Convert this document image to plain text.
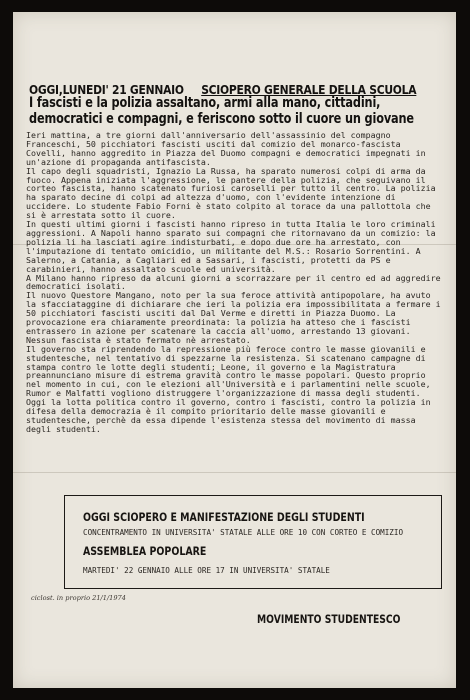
OGGI,LUNEDI' 21 GENNAIO SCIOPERO GENERALE DELLA SCUOLA
I fascisti e la polizia assaltano, armi alla mano, cittadini,
democratici e compagni, e feriscono sotto il cuore un giovane
Ieri mattina, a tre giorni dall'anniversario dell'assassinio del compagno Franceschi, 50 picchiatori fascisti usciti dal comizio del monarco-fascista Covelli, hanno aggredito in Piazza del Duomo compagni e democratici impegnati in un'azione di propaganda antifascista.
Il capo degli squadristi, Ignazio La Russa, ha sparato numerosi colpi di arma da fuoco. Appena iniziata l'aggressione, le pantere della polizia, che seguivano il corteo fascista, hanno scatenato furiosi caroselli per tutto il centro. La polizia ha sparato decine di colpi ad altezza d'uomo, con l'evidente intenzione di uccidere. Lo studente Fabio Forni è stato colpito al torace da una pallottola che si è arrestata sotto il cuore.
In questi ultimi giorni i fascisti hanno ripreso in tutta Italia le loro criminali aggressioni. A Napoli hanno sparato sui compagni che ritornavano da un comizio: la polizia li ha lasciati agire indisturbati, e dopo due ore ha arrestato, con l'imputazione di tentato omicidio, un militante del M.S.: Rosario Sorrentini. A Salerno, a Catania, a Cagliari ed a Sassari, i fascisti, protetti da PS e carabinieri, hanno assaltato scuole ed università.
A Milano hanno ripreso da alcuni giorni a scorrazzare per il centro ed ad aggredire democratici isolati.
Il nuovo Questore Mangano, noto per la sua feroce attività antipopolare, ha avuto la sfacciataggine di dichiarare che ieri la polizia era impossibilitata a fermare i 50 picchiatori fascisti usciti dal Dal Verme e diretti in Piazza Duomo. La provocazione era chiaramente preordinata: la polizia ha atteso che i fascisti entrassero in azione per scatenare la caccia all'uomo, arrestando 13 giovani. Nessun fascista è stato fermato nè arrestato.
Il governo sta riprendendo la repressione più feroce contro le masse giovanili e studentesche, nel tentativo di spezzarne la resistenza. Si scatenano campagne di stampa contro le lotte degli studenti; Leone, il governo e la Magistratura preannunciano misure di estrema gravità contro le masse popolari. Questo proprio nel momento in cui, con le elezioni all'Università e i parlamentini nelle scuole, Rumor e Malfatti vogliono distruggere l'organizzazione di massa degli studenti.
Oggi la lotta politica contro il governo, contro i fascisti, contro la polizia in difesa della democrazia è il compito prioritario delle masse giovanili e studentesche, perchè da essa dipende l'esistenza stessa del movimento di massa degli studenti.
OGGI SCIOPERO E MANIFESTAZIONE DEGLI STUDENTI
CONCENTRAMENTO IN UNIVERSITA' STATALE ALLE ORE 10 CON CORTEO E COMIZIO
ASSEMBLEA POPOLARE
MARTEDI' 22 GENNAIO ALLE ORE 17 IN UNIVERSITA' STATALE
ciclost. in proprio 21/1/1974
MOVIMENTO STUDENTESCO
